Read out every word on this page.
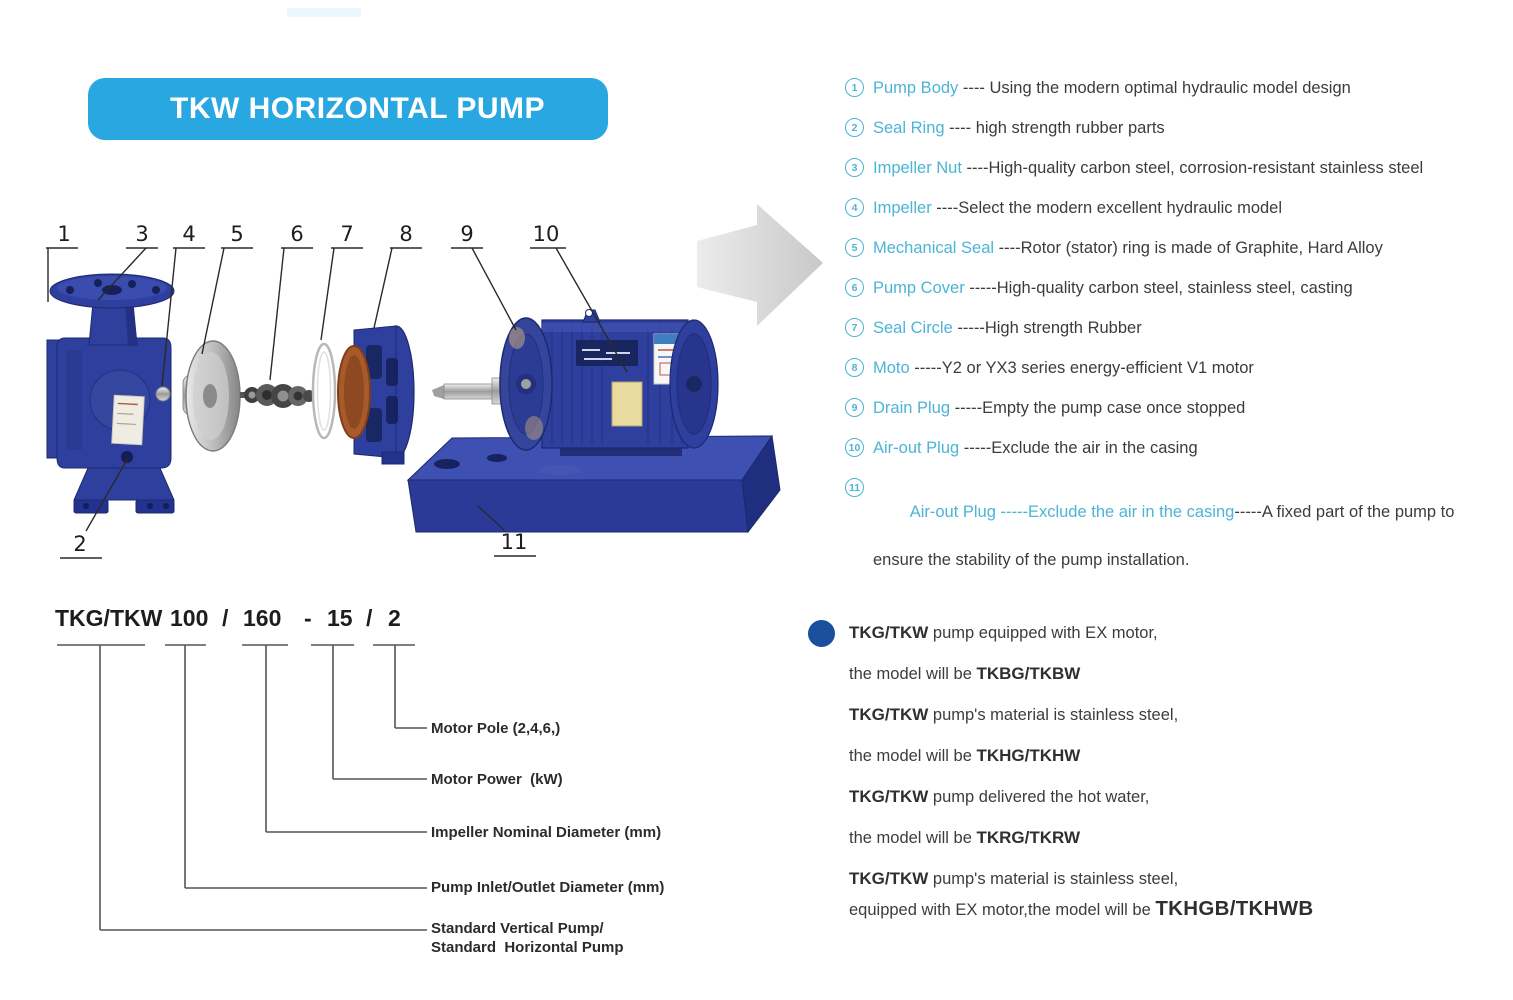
TKW HORIZONTAL PUMP
1	3 4 5 6 7 8 9	10
2	11
1 Pump Body ---- Using the modern optimal hydraulic model design
2 Seal Ring ---- high strength rubber parts
3 Impeller Nut ----High-quality carbon steel, corrosion-resistant stainless steel
4 Impeller ----Select the modern excellent hydraulic model
5 Mechanical Seal ----Rotor (stator) ring is made of Graphite, Hard Alloy
6 Pump Cover -----High-quality carbon steel, stainless steel, casting
7 Seal Circle -----High strength Rubber
8 Moto -----Y2 or YX3 series energy-efficient V1 motor
9 Drain Plug -----Empty the pump case once stopped
10 Air-out Plug -----Exclude the air in the casing
11

Air-out Plug -----Exclude the air in the casing-----A fixed part of the pump to

ensure the stability of the pump installation.

TKG/TKW 100 / 160 - 15 / 2
Motor Pole (2,4,6,)
Motor Power  (kW)
Impeller Nominal Diameter (mm)
Pump Inlet/Outlet Diameter (mm)
Standard Vertical Pump/
Standard  Horizontal Pump
TKG/TKW pump equipped with EX motor,
the model will be TKBG/TKBW
TKG/TKW pump's material is stainless steel,
the model will be TKHG/TKHW
TKG/TKW pump delivered the hot water,
the model will be TKRG/TKRW
TKG/TKW pump's material is stainless steel,
equipped with EX motor,the model will be TKHGB/TKHWB
